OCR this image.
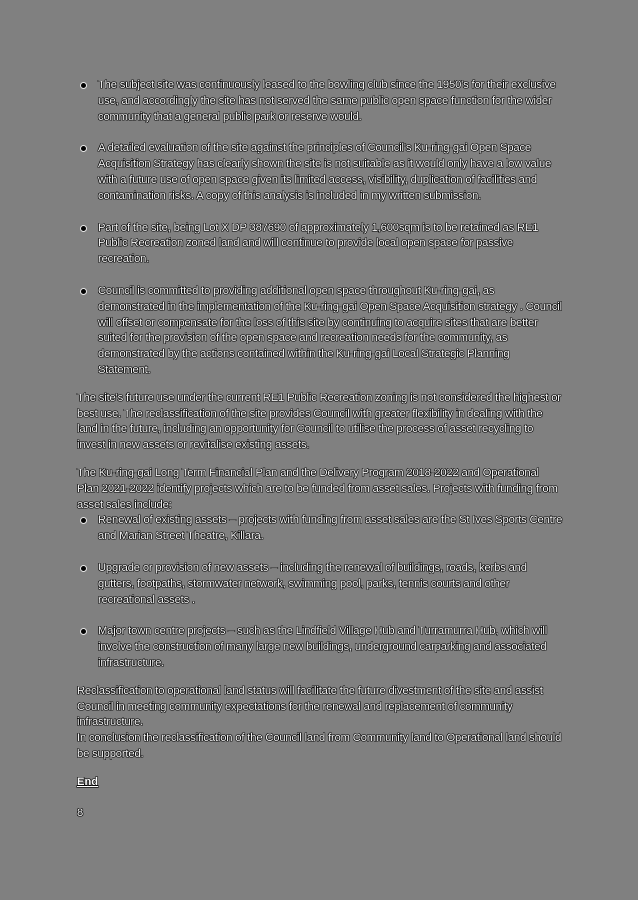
The subject site was continuously leased to the bowling club since the 1950's for their exclusive use, and accordingly the site has not served the same public open space function for the wider community that a general public park or reserve would.
A detailed evaluation of the site against the principles of Council's Ku-ring-gai Open Space Acquisition Strategy has clearly shown the site is not suitable as it would only have a low value with a future use of open space given its limited access, visibility, duplication of facilities and contamination risks. A copy of this analysis is included in my written submission.
Part of the site, being Lot X DP 387690 of approximately 1,600sqm is to be retained as RE1 Public Recreation zoned land and will continue to provide local open space for passive recreation.
Council is committed to providing additional open space throughout Ku-ring-gai, as demonstrated in the implementation of the Ku-ring-gai Open Space Acquisition strategy . Council will offset or compensate for the loss of this site by continuing to acquire sites that are better suited for the provision of the open space and recreation needs for the community, as demonstrated by the actions contained within the Ku-ring-gai Local Strategic Planning Statement.

The site's future use under the current RE1 Public Recreation zoning is not considered the highest or best use. The reclassification of the site provides Council with greater flexibility in dealing with the land in the future, including an opportunity for Council to utilise the process of asset recycling to invest in new assets or revitalise existing assets.

The Ku-ring-gai Long Term Financial Plan and the Delivery Program 2018-2022 and Operational Plan 2021-2022 identify projects which are to be funded from asset sales. Projects with funding from asset sales include:

Renewal of existing assets – projects with funding from asset sales are the St Ives Sports Centre and Marian Street Theatre, Killara.
Upgrade or provision of new assets – including the renewal of buildings, roads, kerbs and gutters, footpaths, stormwater network, swimming pool, parks, tennis courts and other recreational assets .
Major town centre projects – such as the Lindfield Village Hub and Turramurra Hub, which will involve the construction of many large new buildings, underground carparking and associated infrastructure.

Reclassification to operational land status will facilitate the future divestment of the site and assist Council in meeting community expectations for the renewal and replacement of community infrastructure.

In conclusion the reclassification of the Council land from Community land to Operational land should be supported.

End
8
